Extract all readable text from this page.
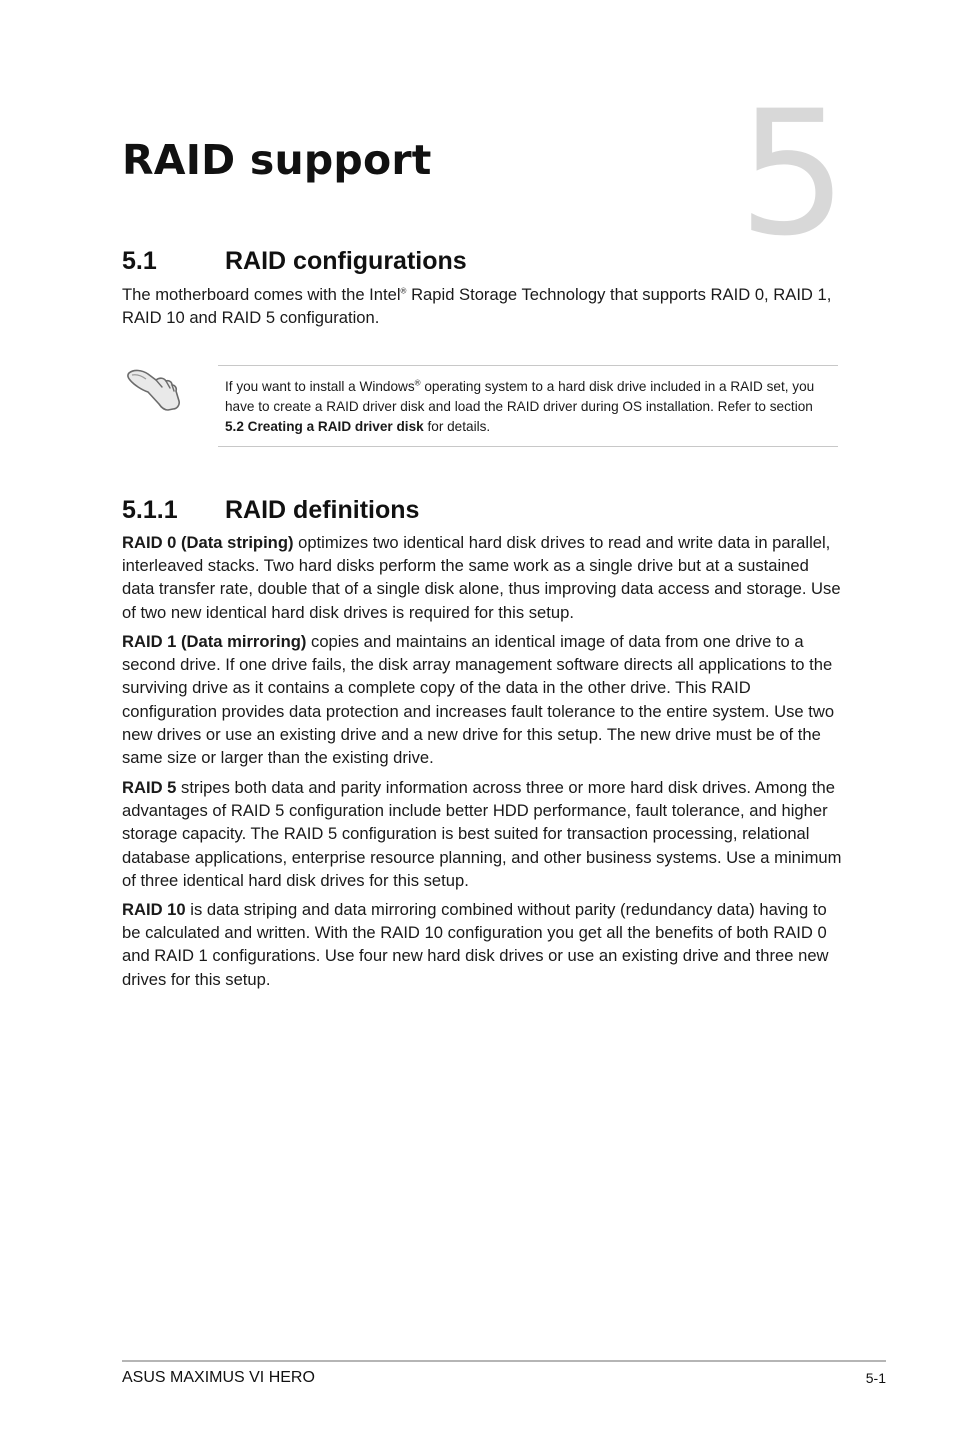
5
RAID support
5.1	RAID configurations

The motherboard comes with the Intel® Rapid Storage Technology that supports RAID 0, RAID 1, RAID 10 and RAID 5 configuration.

If you want to install a Windows® operating system to a hard disk drive included in a RAID set, you have to create a RAID driver disk and load the RAID driver during OS installation. Refer to section 5.2 Creating a RAID driver disk for details.

5.1.1 RAID definitions

RAID 0 (Data striping) optimizes two identical hard disk drives to read and write data in parallel, interleaved stacks. Two hard disks perform the same work as a single drive but at a sustained data transfer rate, double that of a single disk alone, thus improving data access and storage. Use of two new identical hard disk drives is required for this setup.

RAID 1 (Data mirroring) copies and maintains an identical image of data from one drive to a second drive. If one drive fails, the disk array management software directs all applications to the surviving drive as it contains a complete copy of the data in the other drive. This RAID configuration provides data protection and increases fault tolerance to the entire system. Use two new drives or use an existing drive and a new drive for this setup. The new drive must be of the same size or larger than the existing drive.

RAID 5 stripes both data and parity information across three or more hard disk drives. Among the advantages of RAID 5 configuration include better HDD performance, fault tolerance, and higher storage capacity. The RAID 5 configuration is best suited for transaction processing, relational database applications, enterprise resource planning, and other business systems. Use a minimum of three identical hard disk drives for this setup.

RAID 10 is data striping and data mirroring combined without parity (redundancy data) having to be calculated and written. With the RAID 10 configuration you get all the benefits of both RAID 0 and RAID 1 configurations. Use four new hard disk drives or use an existing drive and three new drives for this setup.

ASUS MAXIMUS VI HERO	5-1
